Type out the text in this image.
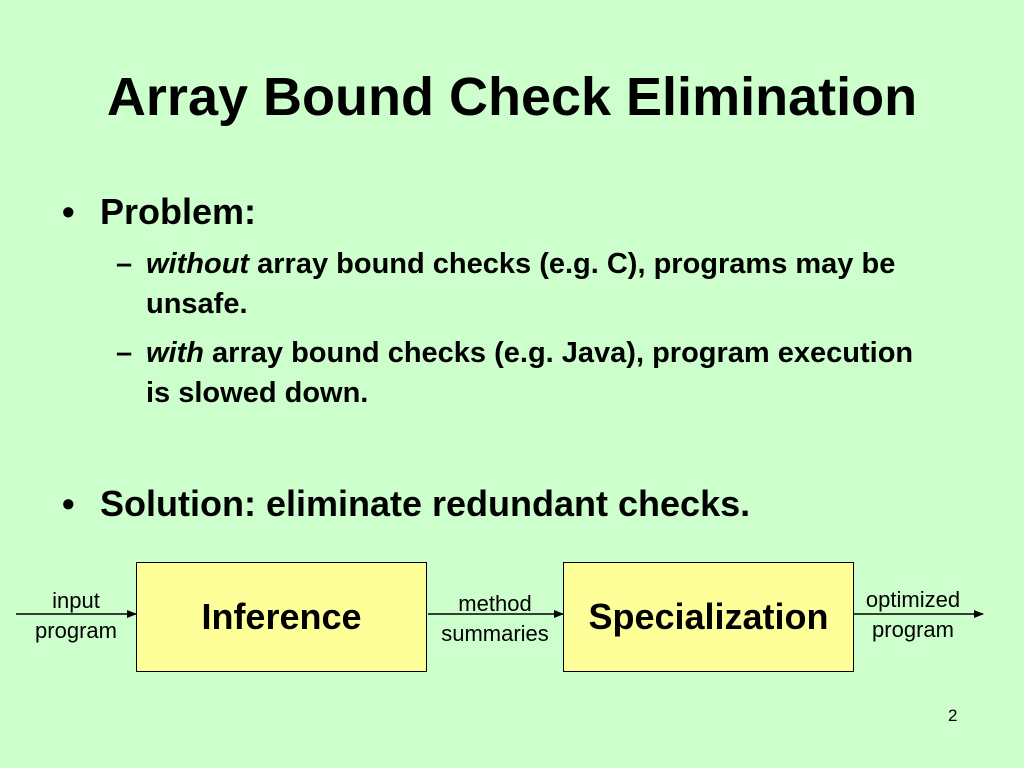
Array Bound Check Elimination
• Problem:
– without array bound checks (e.g. C), programs may be unsafe.
– with array bound checks (e.g. Java), program execution is slowed down.
• Solution: eliminate redundant checks.
input
program	Inference	method
summaries	Specialization	optimized
program
2
